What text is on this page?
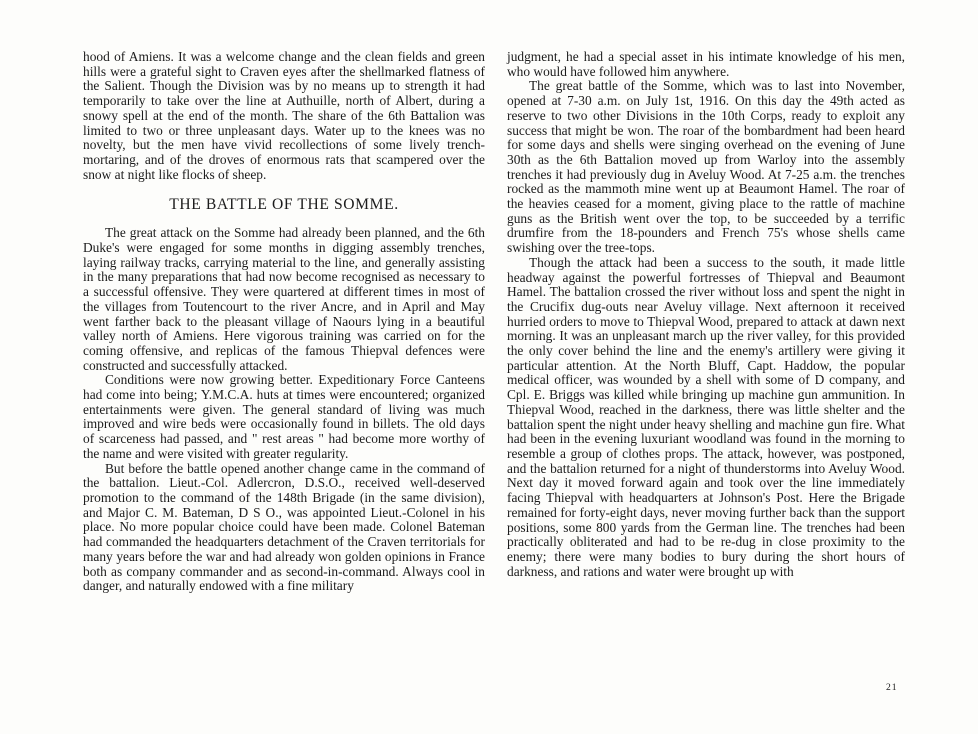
hood of Amiens. It was a welcome change and the clean fields and green hills were a grateful sight to Craven eyes after the shellmarked flatness of the Salient. Though the Division was by no means up to strength it had temporarily to take over the line at Authuille, north of Albert, during a snowy spell at the end of the month. The share of the 6th Battalion was limited to two or three unpleasant days. Water up to the knees was no novelty, but the men have vivid recollections of some lively trench-mortaring, and of the droves of enormous rats that scampered over the snow at night like flocks of sheep.

THE BATTLE OF THE SOMME.

The great attack on the Somme had already been planned, and the 6th Duke's were engaged for some months in digging assembly trenches, laying railway tracks, carrying material to the line, and generally assisting in the many preparations that had now become recognised as necessary to a successful offensive. They were quartered at different times in most of the villages from Toutencourt to the river Ancre, and in April and May went farther back to the pleasant village of Naours lying in a beautiful valley north of Amiens. Here vigorous training was carried on for the coming offensive, and replicas of the famous Thiepval defences were constructed and successfully attacked.

Conditions were now growing better. Expeditionary Force Canteens had come into being; Y.M.C.A. huts at times were encountered; organized entertainments were given. The general standard of living was much improved and wire beds were occasionally found in billets. The old days of scarceness had passed, and " rest areas " had become more worthy of the name and were visited with greater regularity.

But before the battle opened another change came in the command of the battalion. Lieut.-Col. Adlercron, D.S.O., received well-deserved promotion to the command of the 148th Brigade (in the same division), and Major C. M. Bateman, D S O., was appointed Lieut.-Colonel in his place. No more popular choice could have been made. Colonel Bateman had commanded the headquarters detachment of the Craven territorials for many years before the war and had already won golden opinions in France both as company commander and as second-in-command. Always cool in danger, and naturally endowed with a fine military

judgment, he had a special asset in his intimate knowledge of his men, who would have followed him anywhere.

The great battle of the Somme, which was to last into November, opened at 7-30 a.m. on July 1st, 1916. On this day the 49th acted as reserve to two other Divisions in the 10th Corps, ready to exploit any success that might be won. The roar of the bombardment had been heard for some days and shells were singing overhead on the evening of June 30th as the 6th Battalion moved up from Warloy into the assembly trenches it had previously dug in Aveluy Wood. At 7-25 a.m. the trenches rocked as the mammoth mine went up at Beaumont Hamel. The roar of the heavies ceased for a moment, giving place to the rattle of machine guns as the British went over the top, to be succeeded by a terrific drumfire from the 18-pounders and French 75's whose shells came swishing over the tree-tops.

Though the attack had been a success to the south, it made little headway against the powerful fortresses of Thiepval and Beaumont Hamel. The battalion crossed the river without loss and spent the night in the Crucifix dug-outs near Aveluy village. Next afternoon it received hurried orders to move to Thiepval Wood, prepared to attack at dawn next morning. It was an unpleasant march up the river valley, for this provided the only cover behind the line and the enemy's artillery were giving it particular attention. At the North Bluff, Capt. Haddow, the popular medical officer, was wounded by a shell with some of D company, and Cpl. E. Briggs was killed while bringing up machine gun ammunition. In Thiepval Wood, reached in the darkness, there was little shelter and the battalion spent the night under heavy shelling and machine gun fire. What had been in the evening luxuriant woodland was found in the morning to resemble a group of clothes props. The attack, however, was postponed, and the battalion returned for a night of thunderstorms into Aveluy Wood. Next day it moved forward again and took over the line immediately facing Thiepval with headquarters at Johnson's Post. Here the Brigade remained for forty-eight days, never moving further back than the support positions, some 800 yards from the German line. The trenches had been practically obliterated and had to be re-dug in close proximity to the enemy; there were many bodies to bury during the short hours of darkness, and rations and water were brought up with

21
